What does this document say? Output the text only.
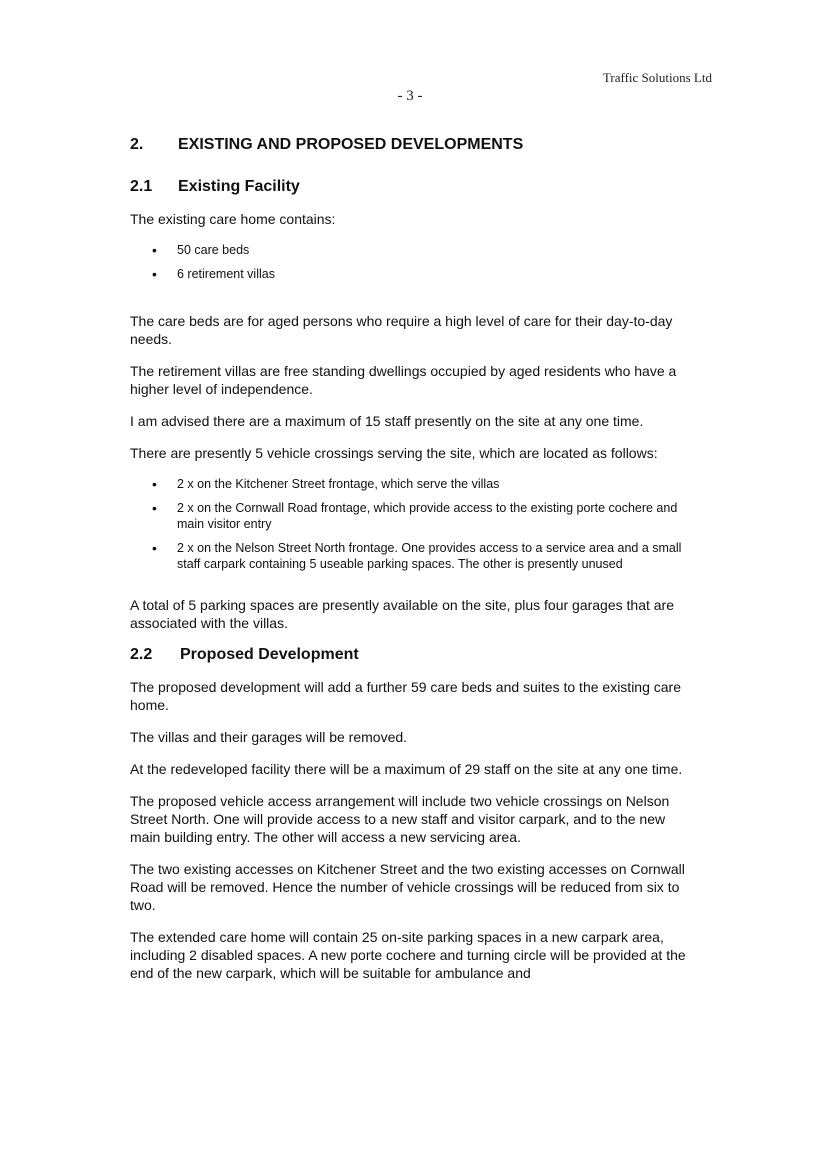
Traffic Solutions Ltd
- 3 -
2.	EXISTING AND PROPOSED DEVELOPMENTS
2.1	Existing Facility

The existing care home contains:

• 50 care beds
• 6 retirement villas

The care beds are for aged persons who require a high level of care for their day-to-day needs.

The retirement villas are free standing dwellings occupied by aged residents who have a higher level of independence.

I am advised there are a maximum of 15 staff presently on the site at any one time.

There are presently 5 vehicle crossings serving the site, which are located as follows:

• 2 x on the Kitchener Street frontage, which serve the villas
• 2 x on the Cornwall Road frontage, which provide access to the existing porte cochere and main visitor entry
• 2 x on the Nelson Street North frontage. One provides access to a service area and a small staff carpark containing 5 useable parking spaces. The other is presently unused

A total of 5 parking spaces are presently available on the site, plus four garages that are associated with the villas.

2.2	Proposed Development

The proposed development will add a further 59 care beds and suites to the existing care home.

The villas and their garages will be removed.

At the redeveloped facility there will be a maximum of 29 staff on the site at any one time.

The proposed vehicle access arrangement will include two vehicle crossings on Nelson Street North. One will provide access to a new staff and visitor carpark, and to the new main building entry. The other will access a new servicing area.

The two existing accesses on Kitchener Street and the two existing accesses on Cornwall Road will be removed. Hence the number of vehicle crossings will be reduced from six to two.

The extended care home will contain 25 on-site parking spaces in a new carpark area, including 2 disabled spaces. A new porte cochere and turning circle will be provided at the end of the new carpark, which will be suitable for ambulance and
